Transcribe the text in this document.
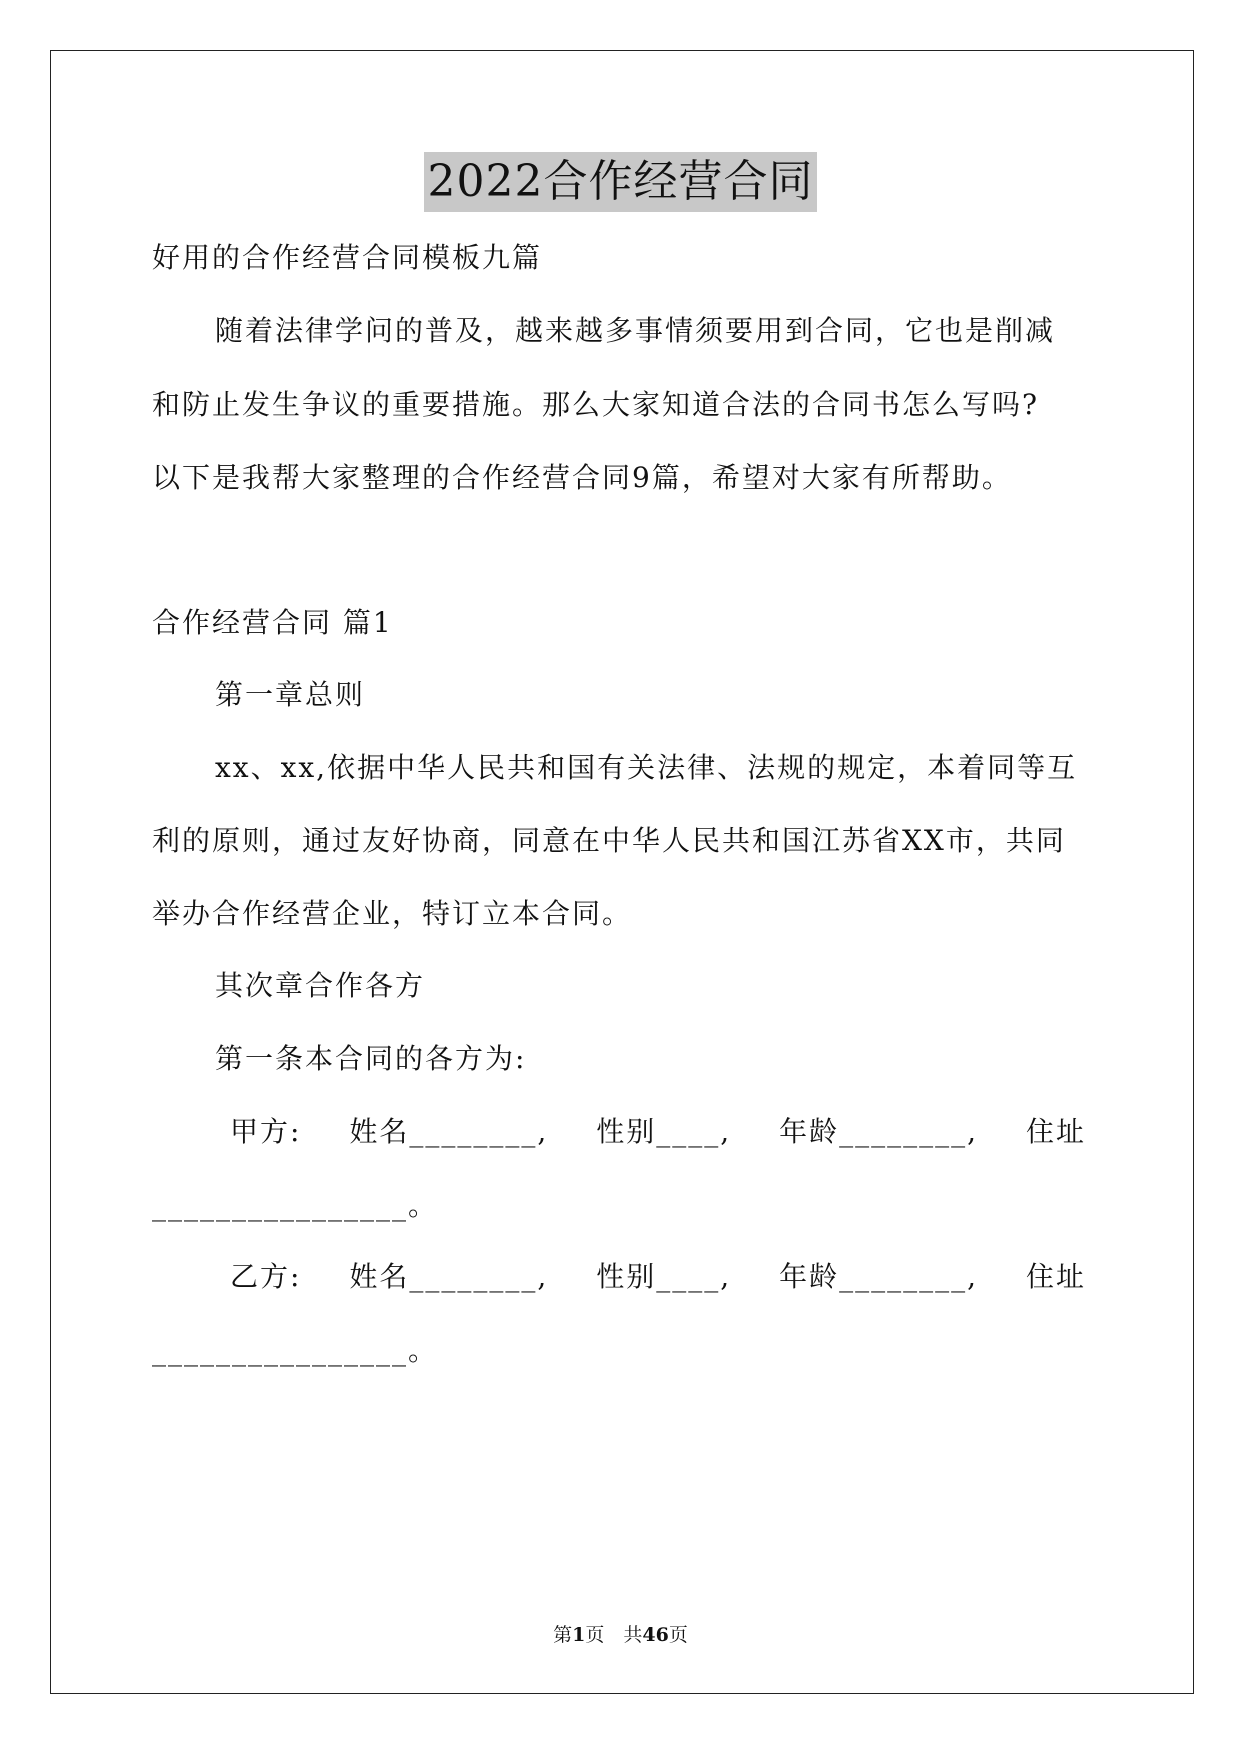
2022合作经营合同
好用的合作经营合同模板九篇
随着法律学问的普及，越来越多事情须要用到合同，它也是削减
和防止发生争议的重要措施。那么大家知道合法的合同书怎么写吗?
以下是我帮大家整理的合作经营合同9篇，希望对大家有所帮助。
合作经营合同 篇1
第一章总则
xx、xx,依据中华人民共和国有关法律、法规的规定，本着同等互
利的原则，通过友好协商，同意在中华人民共和国江苏省XX市，共同
举办合作经营企业，特订立本合同。
其次章合作各方
第一条本合同的各方为:
甲方: 姓名________, 性别____, 年龄________, 住址
________________。
乙方: 姓名________, 性别____, 年龄________, 住址
________________。
第1页　共46页
